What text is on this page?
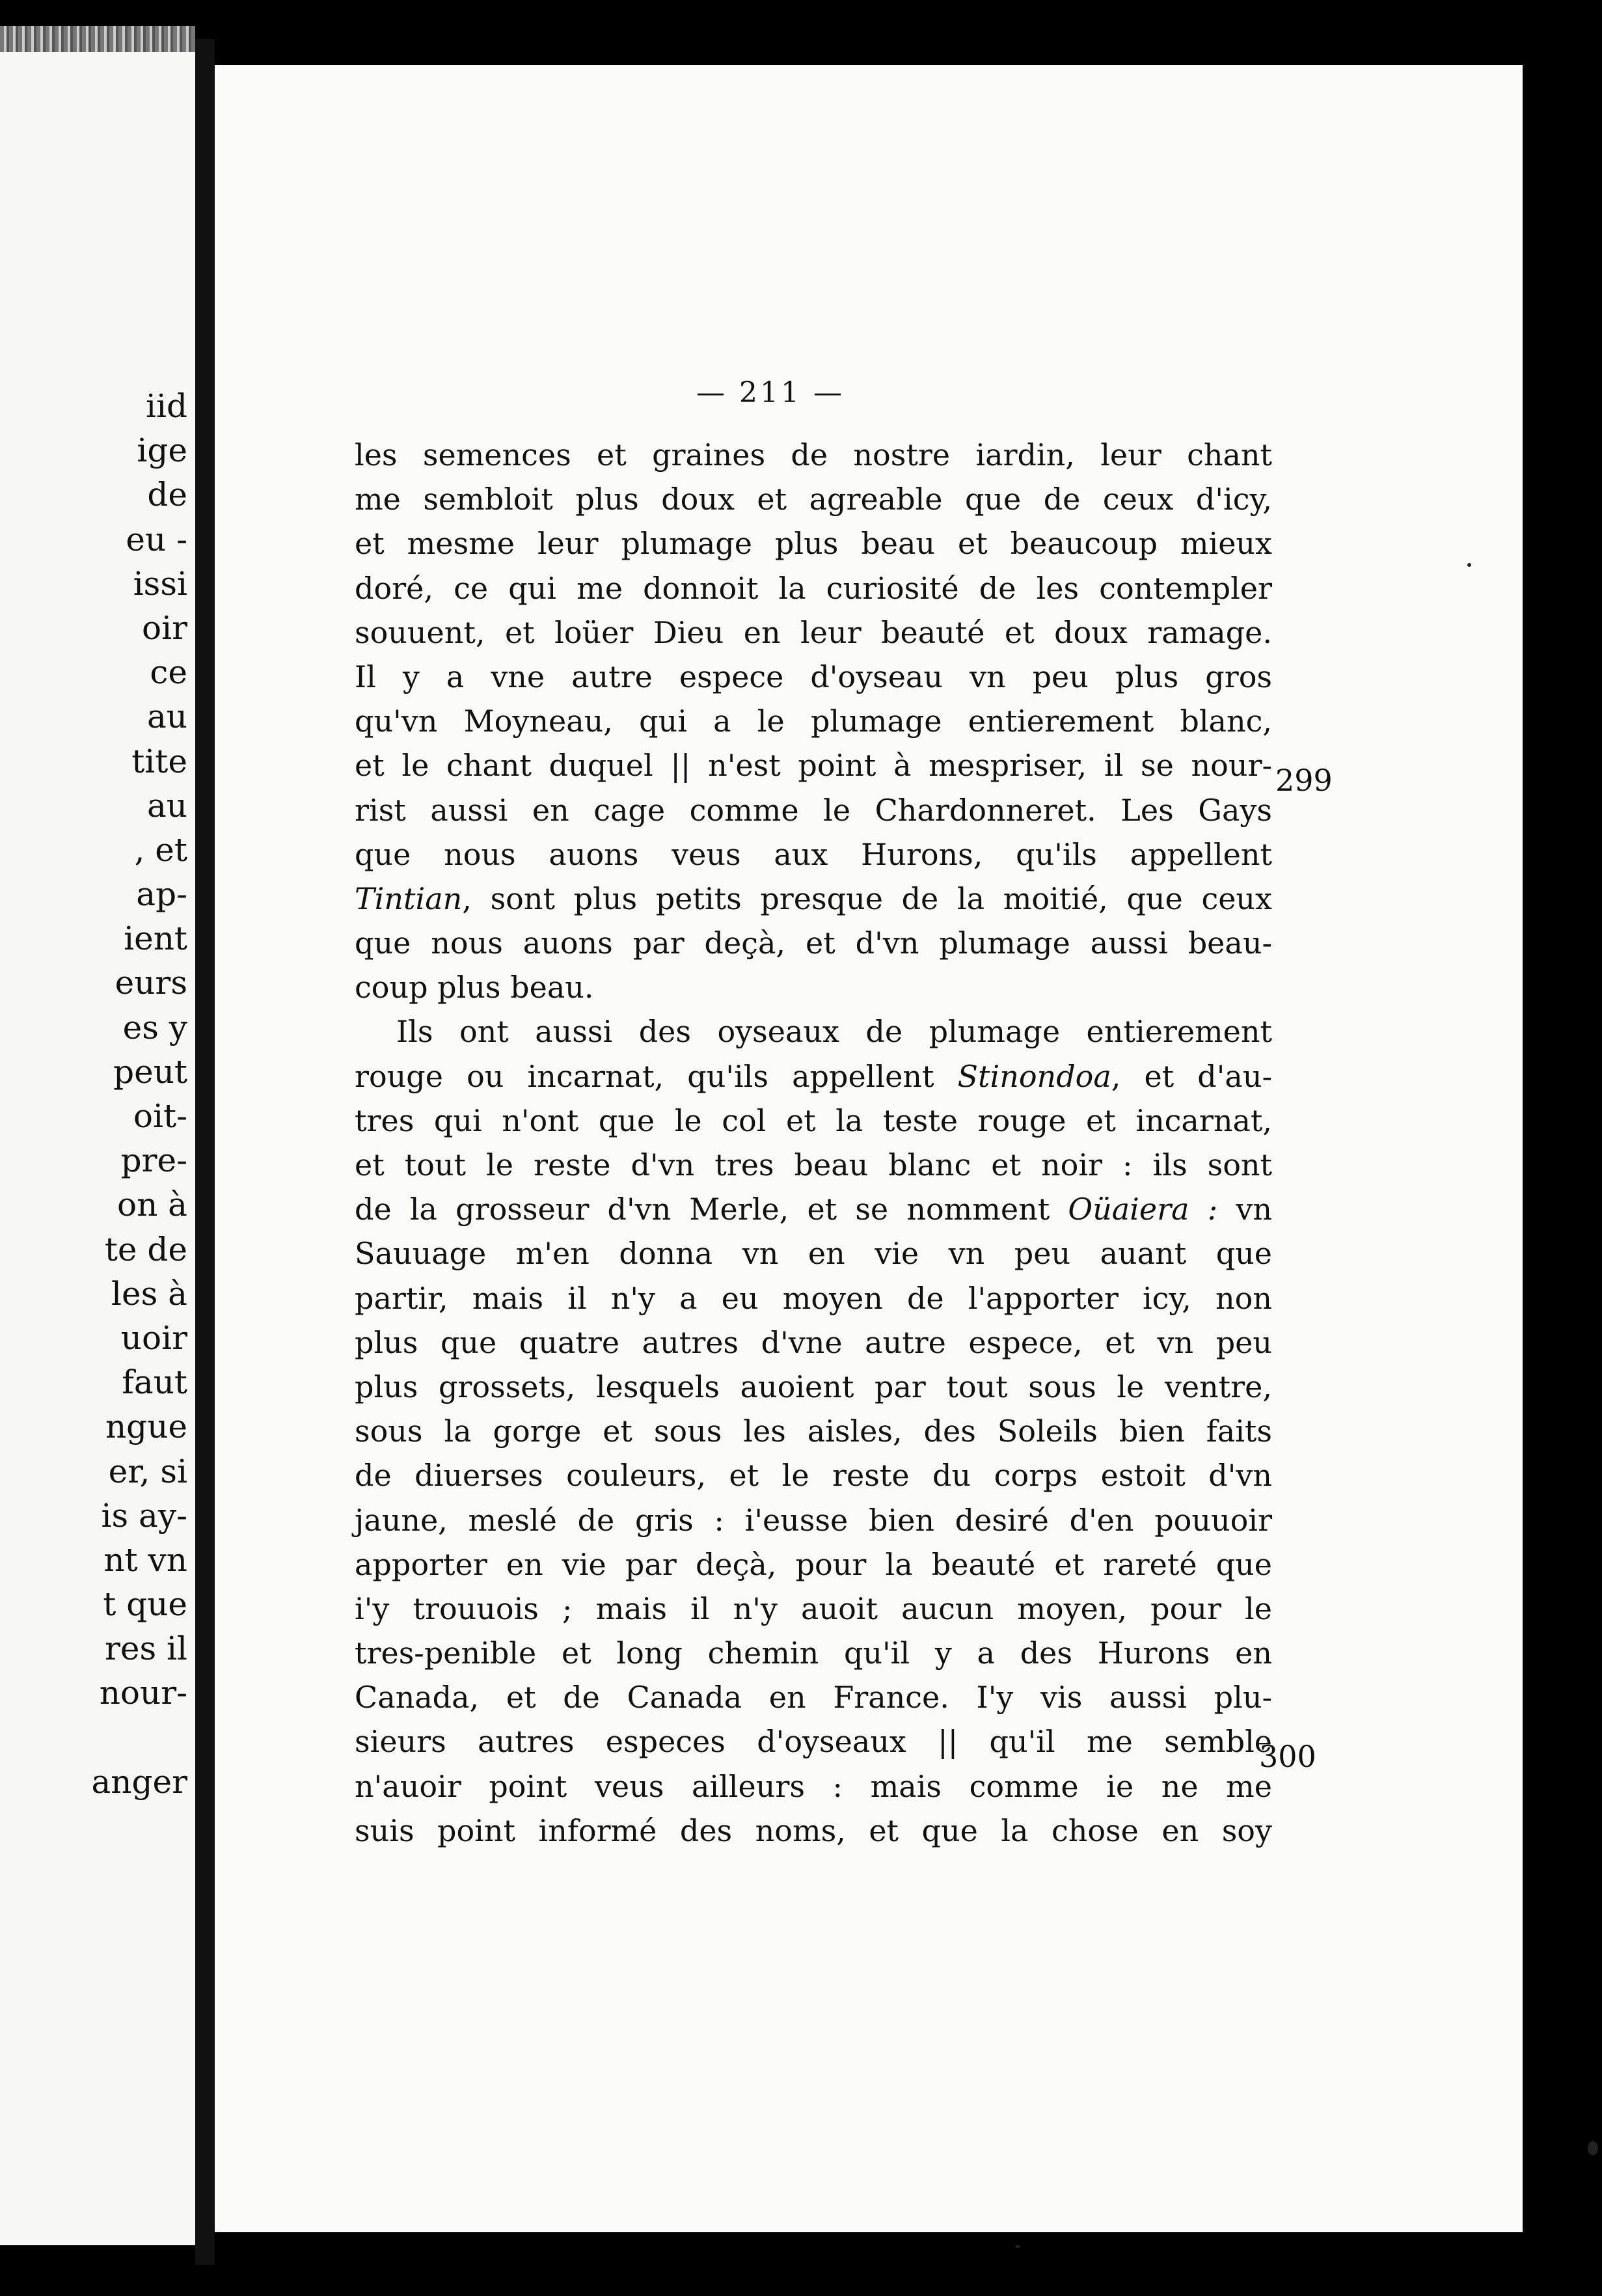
iid
ige
de
eu -
issi
oir
ce
au
tite
au
, et
ap-
ient
eurs
es y
peut
oit-
pre-
on à
te de
les à
uoir
faut
ngue
er, si
is ay-
nt vn
t que
res il
nour-
anger
— 211 —
les semences et graines de nostre iardin, leur chant
me sembloit plus doux et agreable que de ceux d'icy,
et mesme leur plumage plus beau et beaucoup mieux
doré, ce qui me donnoit la curiosité de les contempler
souuent, et loüer Dieu en leur beauté et doux ramage.
Il y a vne autre espece d'oyseau vn peu plus gros
qu'vn Moyneau, qui a le plumage entierement blanc,
et le chant duquel || n'est point à mespriser, il se nour-
rist aussi en cage comme le Chardonneret. Les Gays
que nous auons veus aux Hurons, qu'ils appellent
Tintian, sont plus petits presque de la moitié, que ceux
que nous auons par deçà, et d'vn plumage aussi beau-
coup plus beau.
Ils ont aussi des oyseaux de plumage entierement
rouge ou incarnat, qu'ils appellent Stinondoa, et d'au-
tres qui n'ont que le col et la teste rouge et incarnat,
et tout le reste d'vn tres beau blanc et noir : ils sont
de la grosseur d'vn Merle, et se nomment Oüaiera : vn
Sauuage m'en donna vn en vie vn peu auant que
partir, mais il n'y a eu moyen de l'apporter icy, non
plus que quatre autres d'vne autre espece, et vn peu
plus grossets, lesquels auoient par tout sous le ventre,
sous la gorge et sous les aisles, des Soleils bien faits
de diuerses couleurs, et le reste du corps estoit d'vn
jaune, meslé de gris : i'eusse bien desiré d'en pouuoir
apporter en vie par deçà, pour la beauté et rareté que
i'y trouuois ; mais il n'y auoit aucun moyen, pour le
tres-penible et long chemin qu'il y a des Hurons en
Canada, et de Canada en France. I'y vis aussi plu-
sieurs autres especes d'oyseaux || qu'il me semble
n'auoir point veus ailleurs : mais comme ie ne me
suis point informé des noms, et que la chose en soy
299
300
